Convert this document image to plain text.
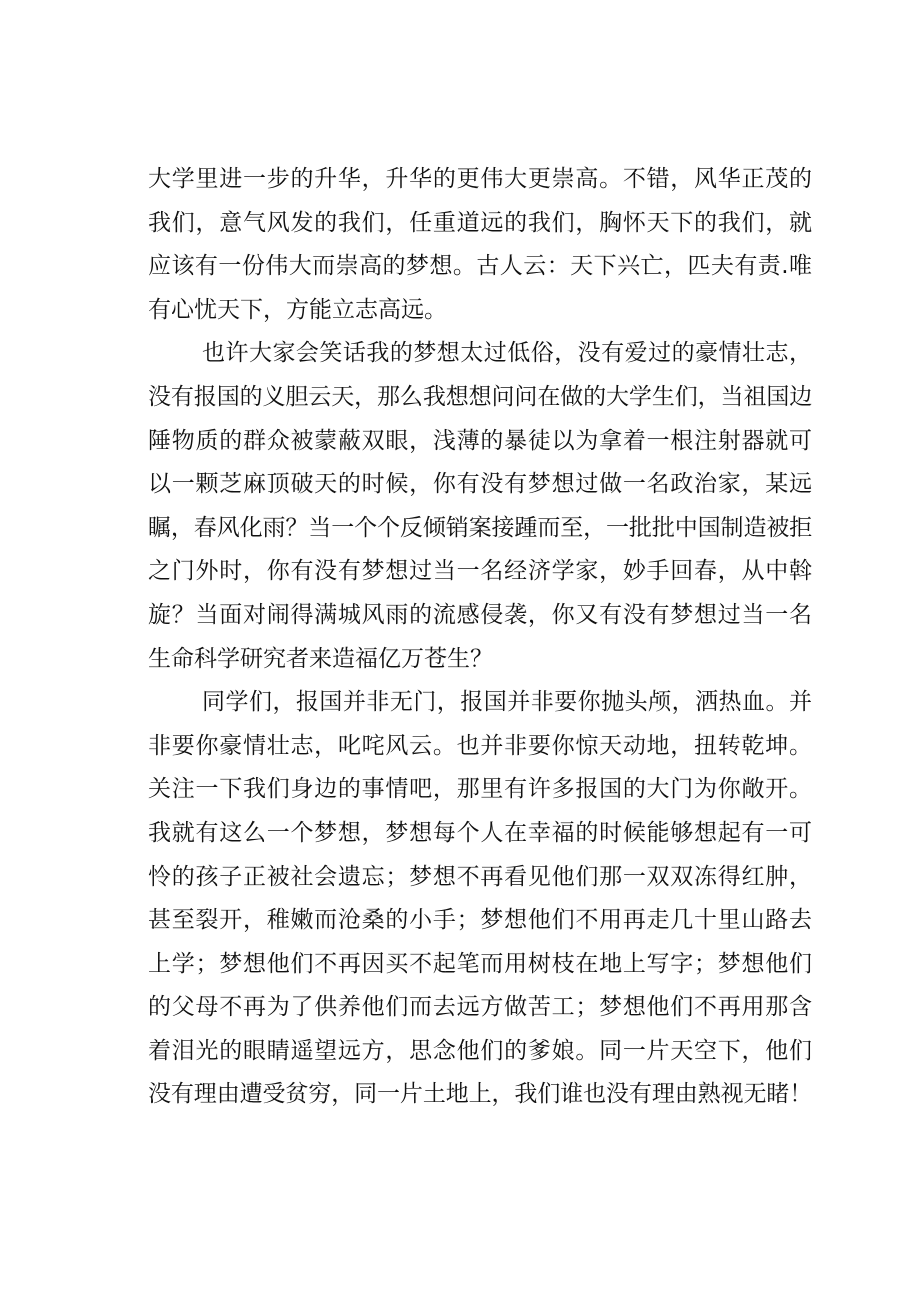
大学里进一步的升华，升华的更伟大更崇高。不错，风华正茂的
我们，意气风发的我们，任重道远的我们，胸怀天下的我们，就
应该有一份伟大而崇高的梦想。古人云：天下兴亡，匹夫有责.唯
有心忧天下，方能立志高远。
也许大家会笑话我的梦想太过低俗，没有爱过的豪情壮志，
没有报国的义胆云天，那么我想想问问在做的大学生们，当祖国边
陲物质的群众被蒙蔽双眼，浅薄的暴徒以为拿着一根注射器就可
以一颗芝麻顶破天的时候，你有没有梦想过做一名政治家，某远
瞩，春风化雨？当一个个反倾销案接踵而至，一批批中国制造被拒
之门外时，你有没有梦想过当一名经济学家，妙手回春，从中斡
旋？当面对闹得满城风雨的流感侵袭，你又有没有梦想过当一名
生命科学研究者来造福亿万苍生？
同学们，报国并非无门，报国并非要你抛头颅，洒热血。并
非要你豪情壮志，叱咤风云。也并非要你惊天动地，扭转乾坤。
关注一下我们身边的事情吧，那里有许多报国的大门为你敞开。
我就有这么一个梦想，梦想每个人在幸福的时候能够想起有一可
怜的孩子正被社会遗忘；梦想不再看见他们那一双双冻得红肿，
甚至裂开，稚嫩而沧桑的小手；梦想他们不用再走几十里山路去
上学；梦想他们不再因买不起笔而用树枝在地上写字；梦想他们
的父母不再为了供养他们而去远方做苦工；梦想他们不再用那含
着泪光的眼睛遥望远方，思念他们的爹娘。同一片天空下，他们
没有理由遭受贫穷，同一片土地上，我们谁也没有理由熟视无睹！
